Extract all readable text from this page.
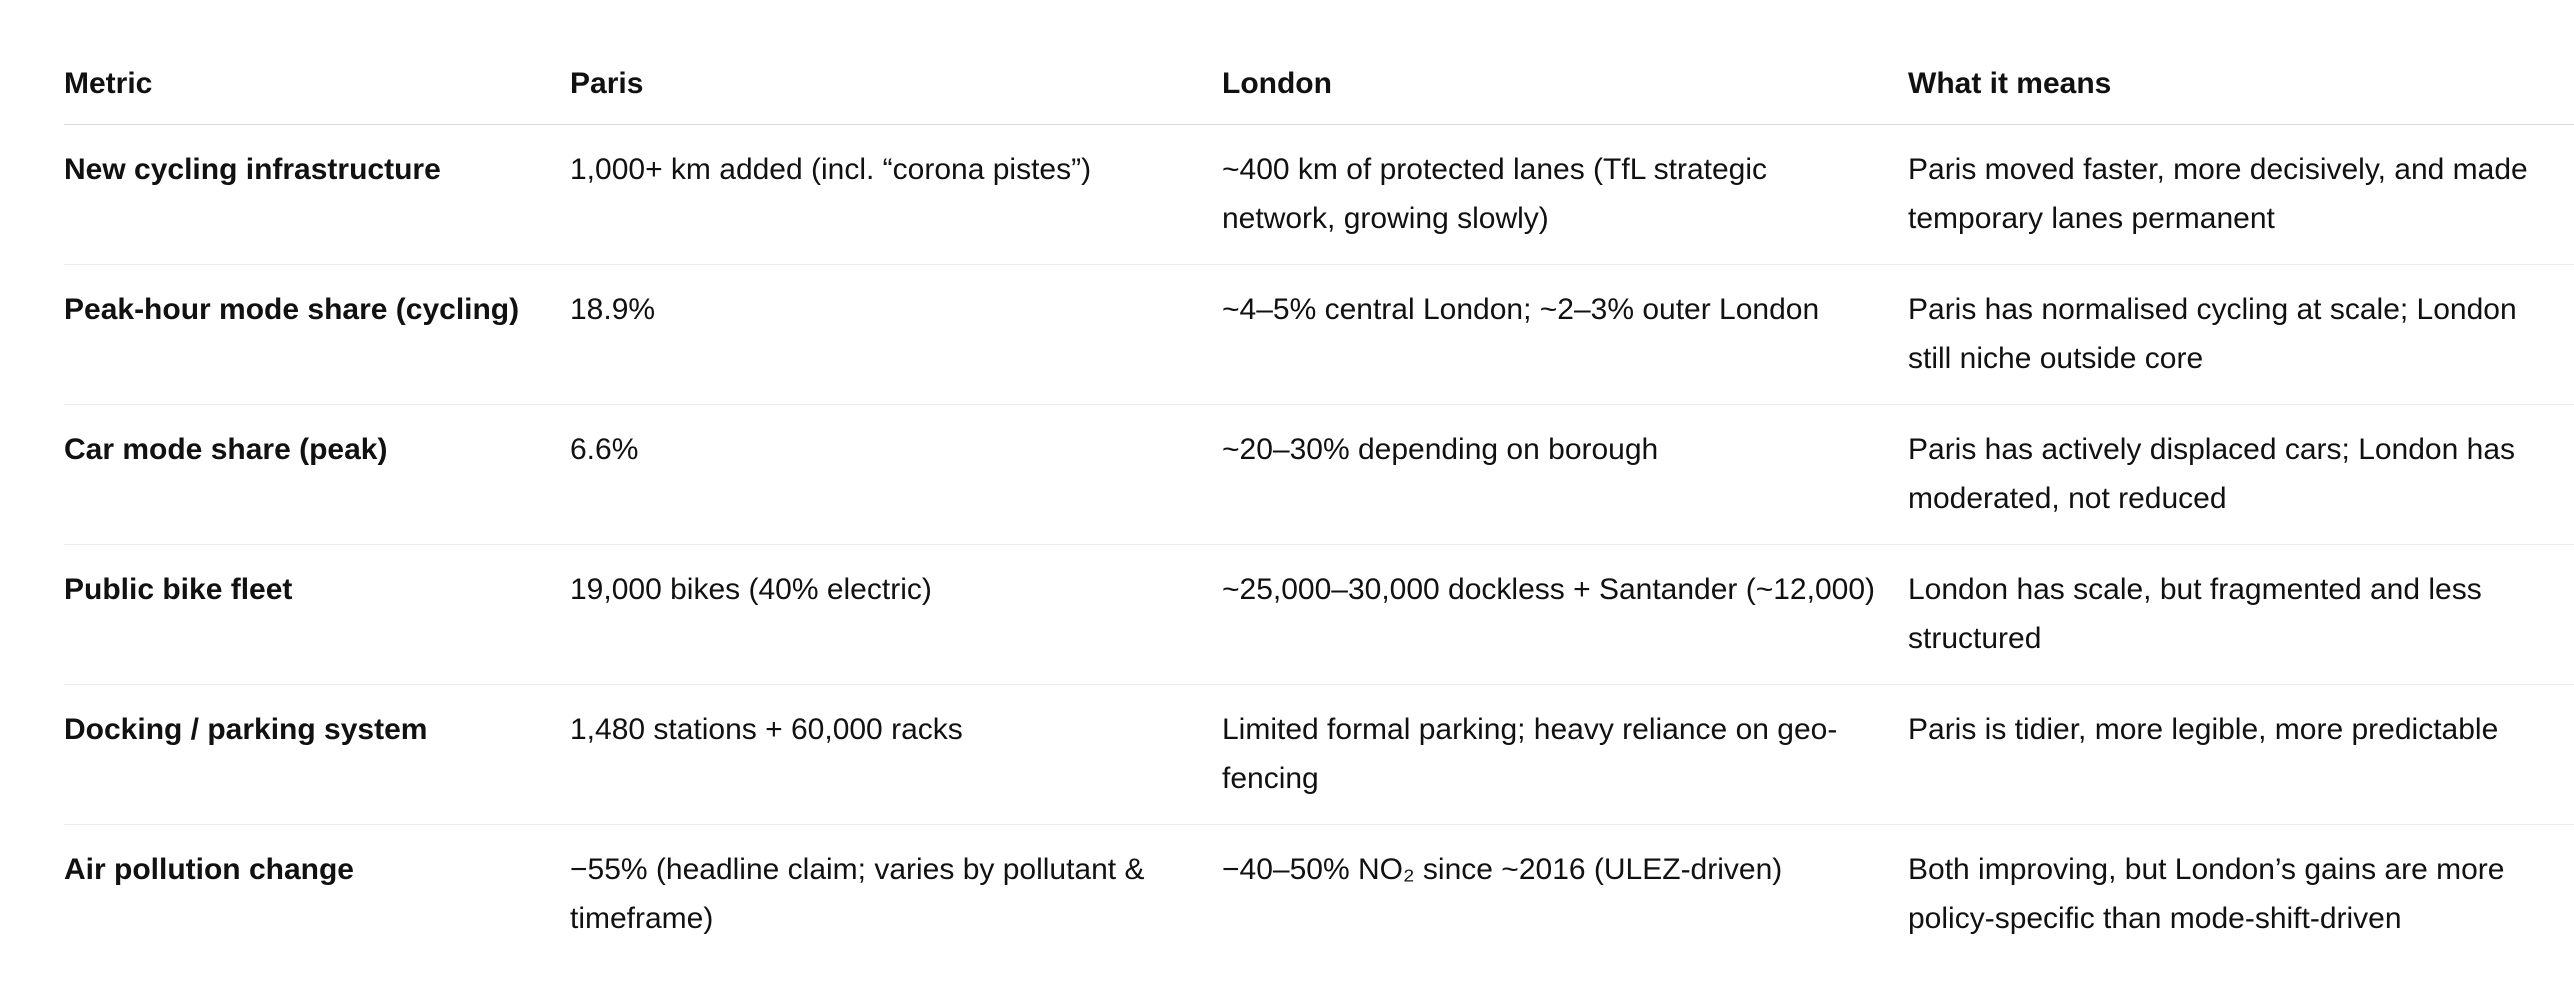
Metric	Paris	London	What it means
New cycling infrastructure	1,000+ km added (incl. “corona pistes”)	~400 km of protected lanes (TfL strategic network, growing slowly)	Paris moved faster, more decisively, and made temporary lanes permanent
Peak-hour mode share (cycling)	18.9%	~4–5% central London; ~2–3% outer London	Paris has normalised cycling at scale; London still niche outside core
Car mode share (peak)	6.6%	~20–30% depending on borough	Paris has actively displaced cars; London has moderated, not reduced
Public bike fleet	19,000 bikes (40% electric)	~25,000–30,000 dockless + Santander (~12,000)	London has scale, but fragmented and less structured
Docking / parking system	1,480 stations + 60,000 racks	Limited formal parking; heavy reliance on geo-fencing	Paris is tidier, more legible, more predictable
Air pollution change	−55% (headline claim; varies by pollutant & timeframe)	−40–50% NO₂ since ~2016 (ULEZ-driven)	Both improving, but London’s gains are more policy-specific than mode-shift-driven
